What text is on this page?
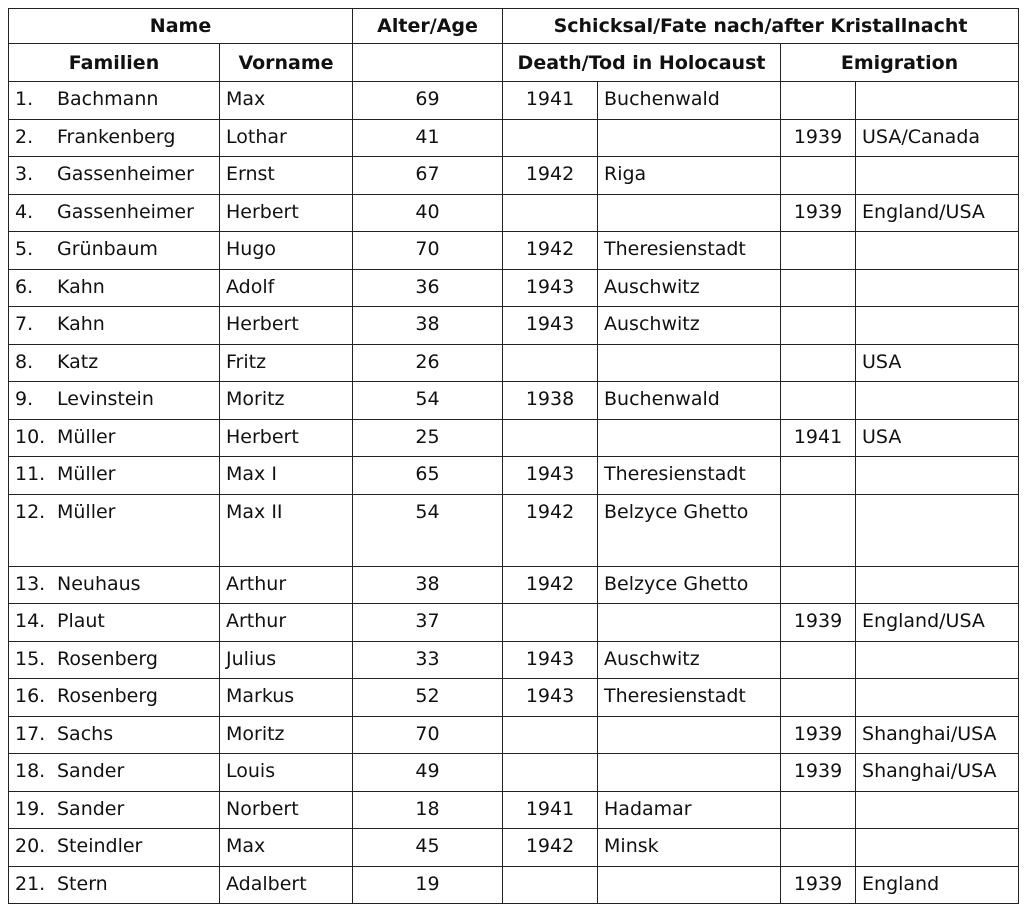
Name		Alter/Age	Schicksal/Fate nach/after Kristallnacht			
Familien	Vorname		Death/Tod in Holocaust		Emigration	
1. Bachmann	Max	69	1941	Buchenwald		
2. Frankenberg	Lothar	41			1939	USA/Canada
3. Gassenheimer	Ernst	67	1942	Riga		
4. Gassenheimer	Herbert	40			1939	England/USA
5. Grünbaum	Hugo	70	1942	Theresienstadt		
6. Kahn	Adolf	36	1943	Auschwitz		
7. Kahn	Herbert	38	1943	Auschwitz		
8. Katz	Fritz	26				USA
9. Levinstein	Moritz	54	1938	Buchenwald		
10. Müller	Herbert	25			1941	USA
11. Müller	Max I	65	1943	Theresienstadt		
12. Müller	Max II	54	1942	Belzyce Ghetto		
13. Neuhaus	Arthur	38	1942	Belzyce Ghetto		
14. Plaut	Arthur	37			1939	England/USA
15. Rosenberg	Julius	33	1943	Auschwitz		
16. Rosenberg	Markus	52	1943	Theresienstadt		
17. Sachs	Moritz	70			1939	Shanghai/USA
18. Sander	Louis	49			1939	Shanghai/USA
19. Sander	Norbert	18	1941	Hadamar		
20. Steindler	Max	45	1942	Minsk		
21. Stern	Adalbert	19			1939	England
